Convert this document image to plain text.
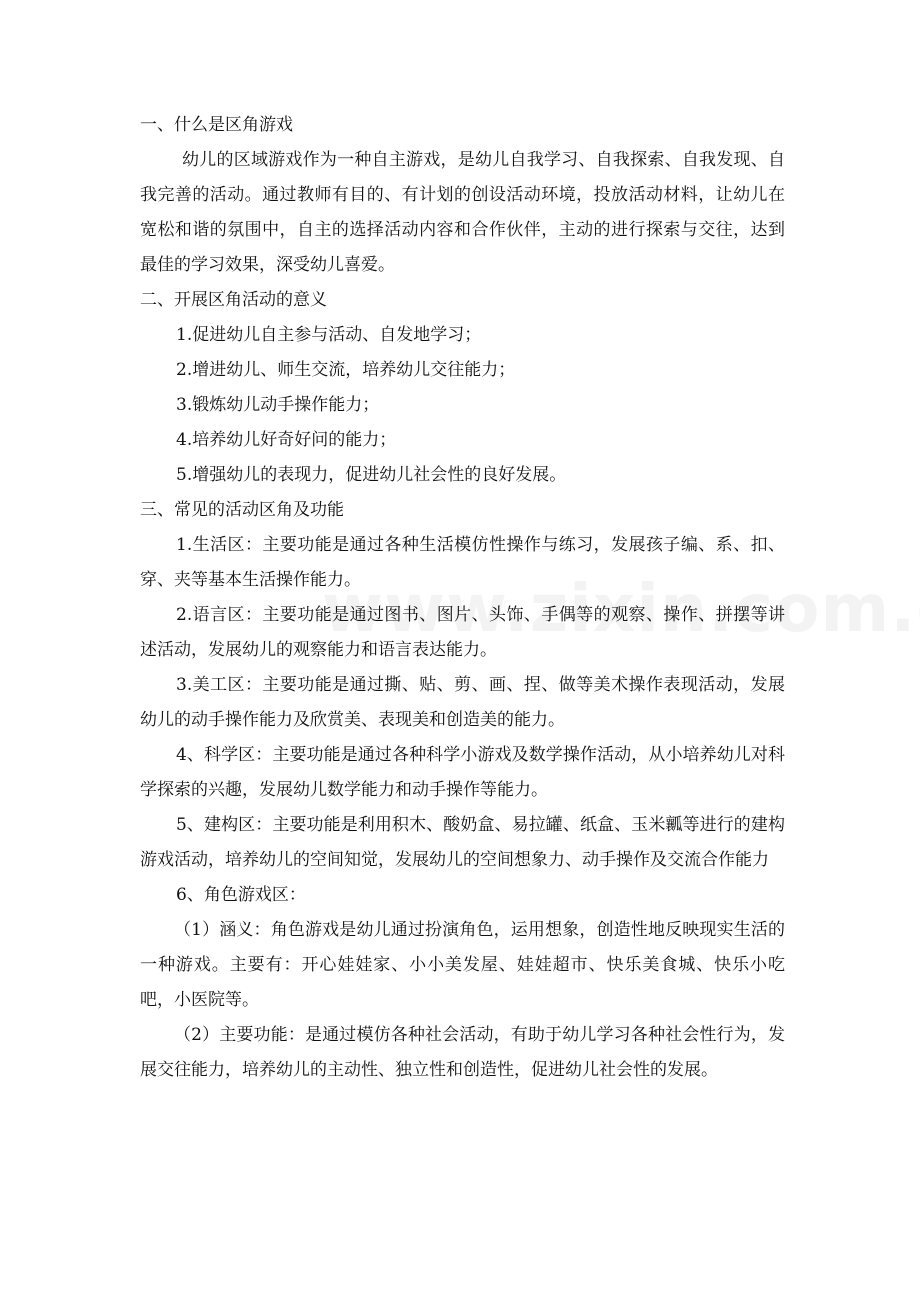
一、什么是区角游戏

幼儿的区域游戏作为一种自主游戏，是幼儿自我学习、自我探索、自我发现、自我完善的活动。通过教师有目的、有计划的创设活动环境，投放活动材料，让幼儿在宽松和谐的氛围中，自主的选择活动内容和合作伙伴，主动的进行探索与交往，达到最佳的学习效果，深受幼儿喜爱。

二、开展区角活动的意义

1.促进幼儿自主参与活动、自发地学习；

2.增进幼儿、师生交流，培养幼儿交往能力；

3.锻炼幼儿动手操作能力；

4.培养幼儿好奇好问的能力；

5.增强幼儿的表现力，促进幼儿社会性的良好发展。

三、常见的活动区角及功能

1.生活区：主要功能是通过各种生活模仿性操作与练习，发展孩子编、系、扣、穿、夹等基本生活操作能力。

2.语言区：主要功能是通过图书、图片、头饰、手偶等的观察、操作、拼摆等讲述活动，发展幼儿的观察能力和语言表达能力。

3.美工区：主要功能是通过撕、贴、剪、画、捏、做等美术操作表现活动，发展幼儿的动手操作能力及欣赏美、表现美和创造美的能力。

4、科学区：主要功能是通过各种科学小游戏及数学操作活动，从小培养幼儿对科学探索的兴趣，发展幼儿数学能力和动手操作等能力。

5、建构区：主要功能是利用积木、酸奶盒、易拉罐、纸盒、玉米瓤等进行的建构游戏活动，培养幼儿的空间知觉，发展幼儿的空间想象力、动手操作及交流合作能力

6、角色游戏区：

（1）涵义：角色游戏是幼儿通过扮演角色，运用想象，创造性地反映现实生活的一种游戏。主要有：开心娃娃家、小小美发屋、娃娃超市、快乐美食城、快乐小吃吧，小医院等。

（2）主要功能：是通过模仿各种社会活动，有助于幼儿学习各种社会性行为，发展交往能力，培养幼儿的主动性、独立性和创造性，促进幼儿社会性的发展。
